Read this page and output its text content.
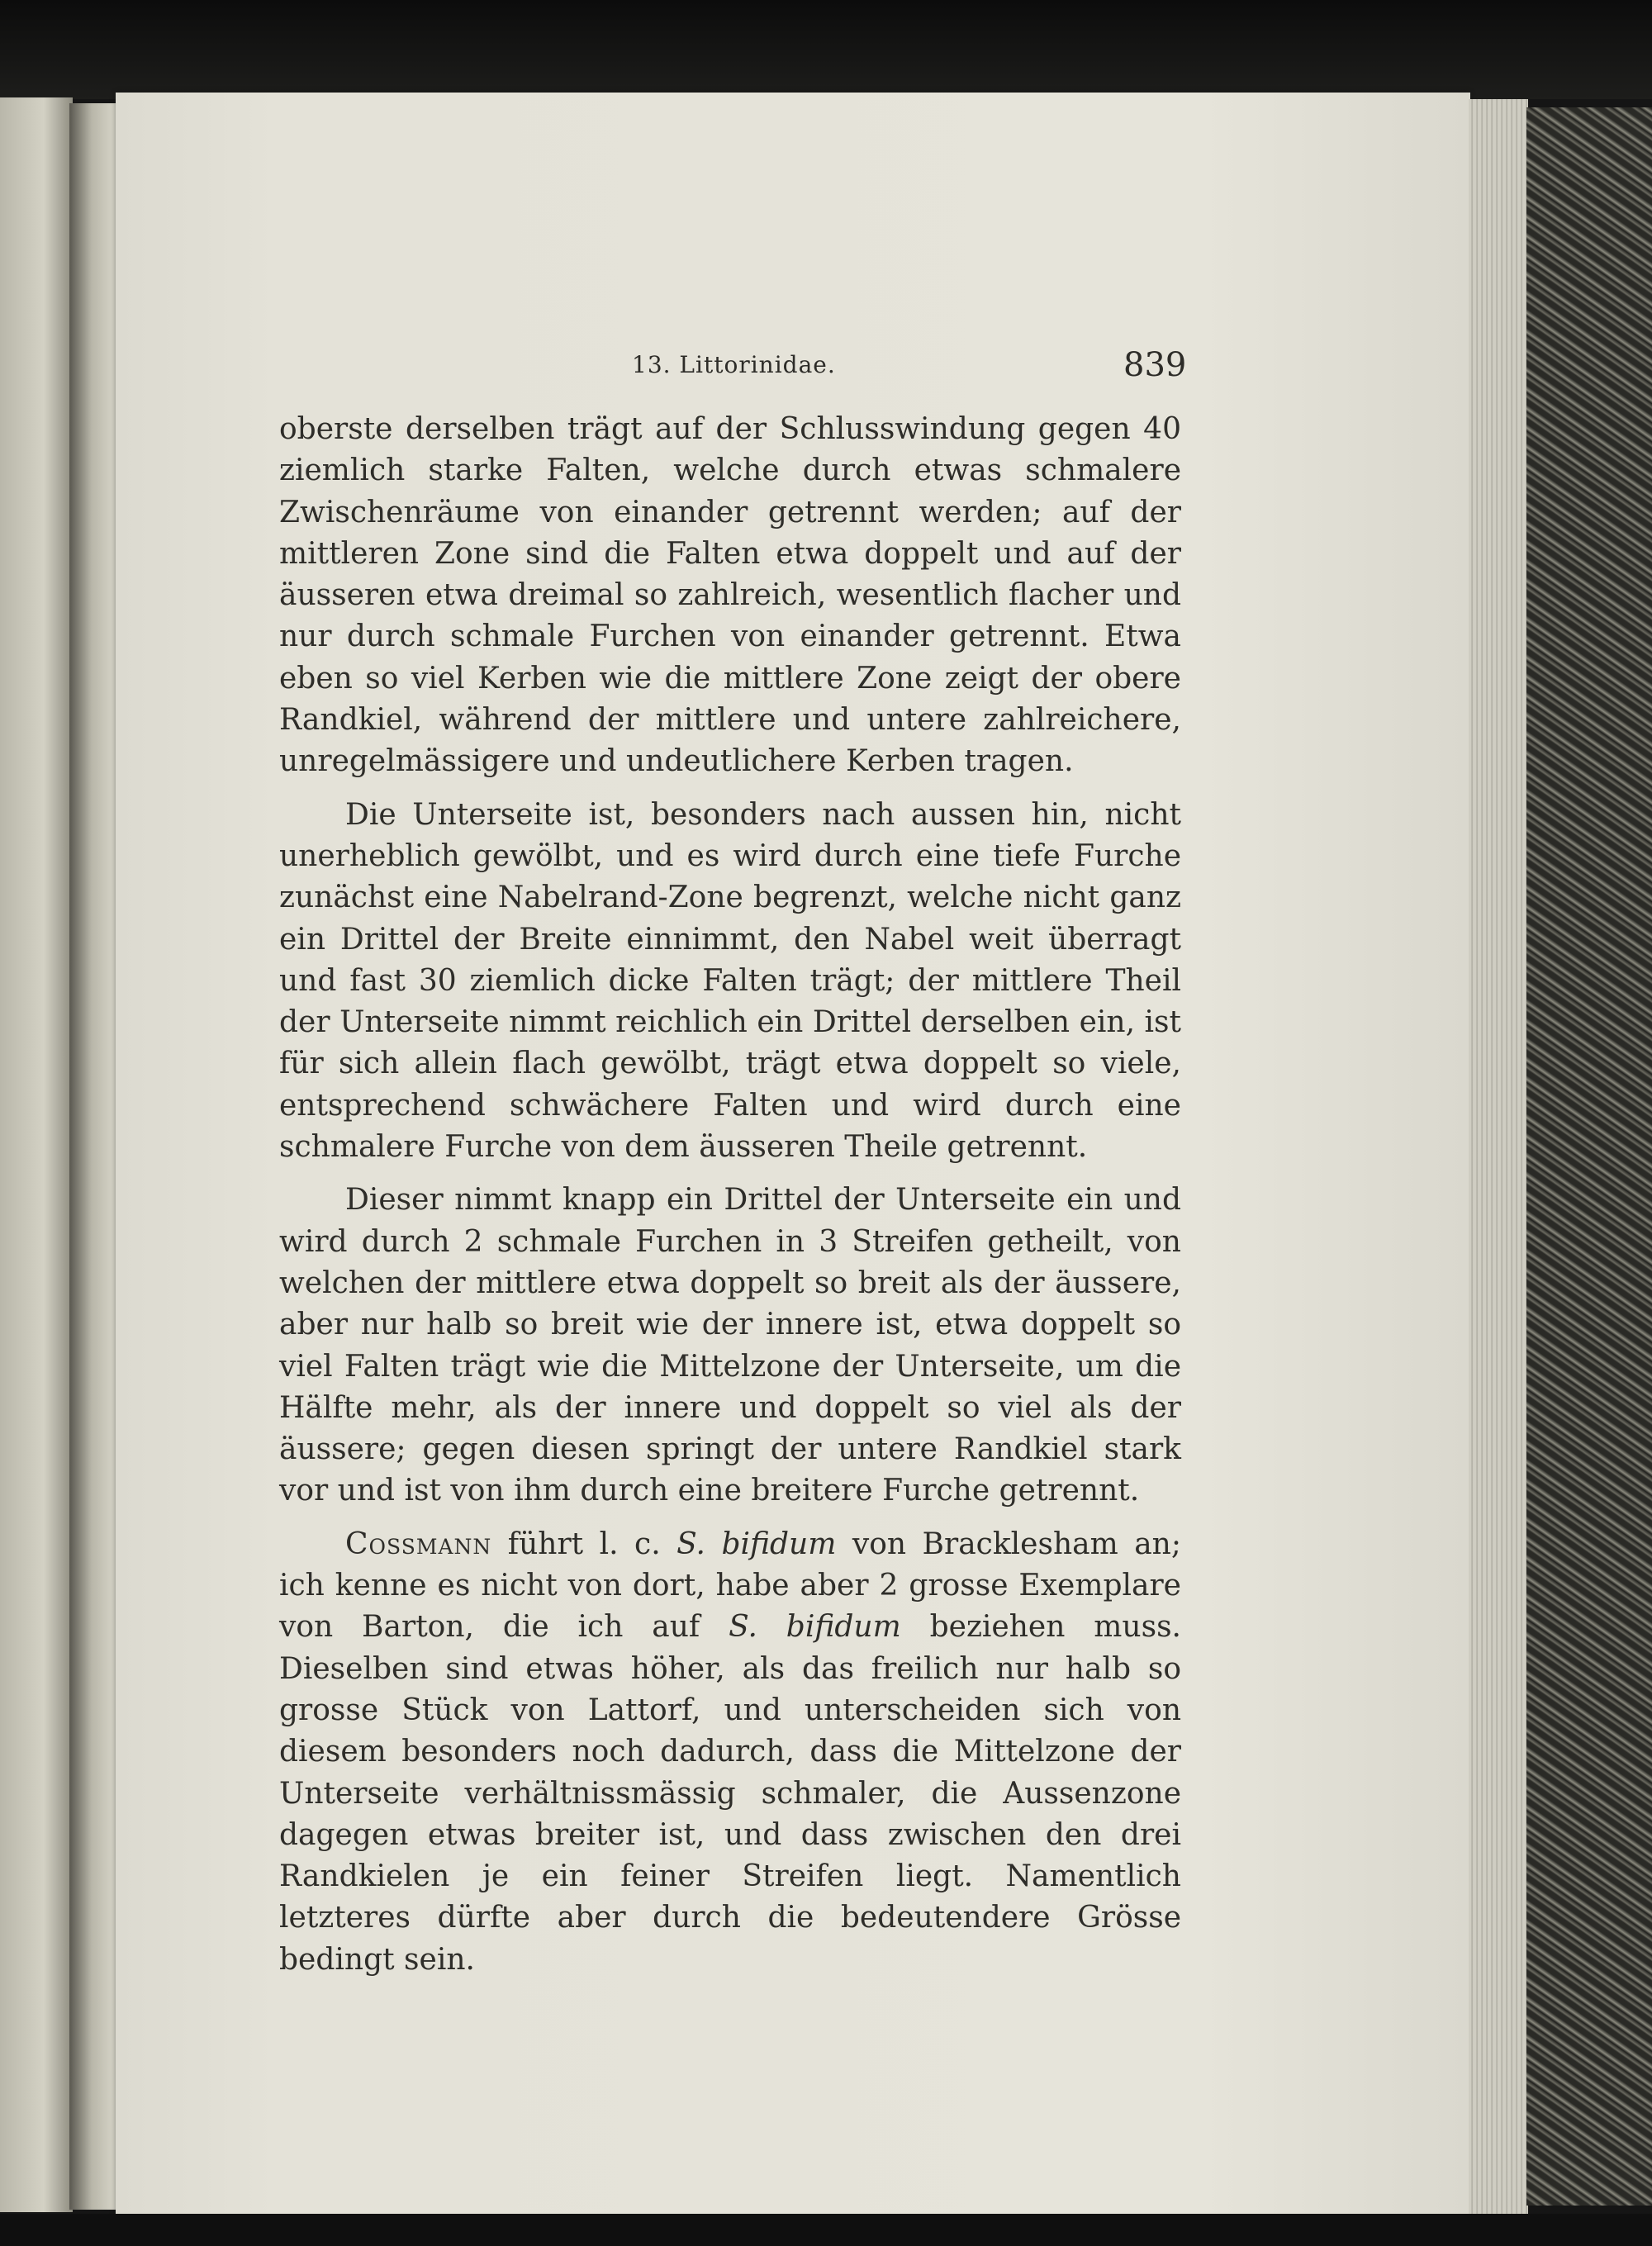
13. Littorinidae.	839

oberste derselben trägt auf der Schlusswindung gegen 40 ziemlich starke Falten, welche durch etwas schmalere Zwischenräume von einander getrennt werden; auf der mittleren Zone sind die Falten etwa doppelt und auf der äusseren etwa dreimal so zahlreich, wesentlich flacher und nur durch schmale Furchen von einander getrennt. Etwa eben so viel Kerben wie die mittlere Zone zeigt der obere Randkiel, während der mittlere und untere zahlreichere, unregelmässigere und undeutlichere Kerben tragen.

Die Unterseite ist, besonders nach aussen hin, nicht unerheblich gewölbt, und es wird durch eine tiefe Furche zunächst eine Nabelrand-Zone begrenzt, welche nicht ganz ein Drittel der Breite einnimmt, den Nabel weit überragt und fast 30 ziemlich dicke Falten trägt; der mittlere Theil der Unterseite nimmt reichlich ein Drittel derselben ein, ist für sich allein flach gewölbt, trägt etwa doppelt so viele, entsprechend schwächere Falten und wird durch eine schmalere Furche von dem äusseren Theile getrennt.

Dieser nimmt knapp ein Drittel der Unterseite ein und wird durch 2 schmale Furchen in 3 Streifen getheilt, von welchen der mittlere etwa doppelt so breit als der äussere, aber nur halb so breit wie der innere ist, etwa doppelt so viel Falten trägt wie die Mittelzone der Unterseite, um die Hälfte mehr, als der innere und doppelt so viel als der äussere; gegen diesen springt der untere Randkiel stark vor und ist von ihm durch eine breitere Furche getrennt.

Cossmann führt l. c. S. bifidum von Bracklesham an; ich kenne es nicht von dort, habe aber 2 grosse Exemplare von Barton, die ich auf S. bifidum beziehen muss. Dieselben sind etwas höher, als das freilich nur halb so grosse Stück von Lattorf, und unterscheiden sich von diesem besonders noch dadurch, dass die Mittelzone der Unterseite verhältnissmässig schmaler, die Aussenzone dagegen etwas breiter ist, und dass zwischen den drei Randkielen je ein feiner Streifen liegt. Namentlich letzteres dürfte aber durch die bedeutendere Grösse bedingt sein.
